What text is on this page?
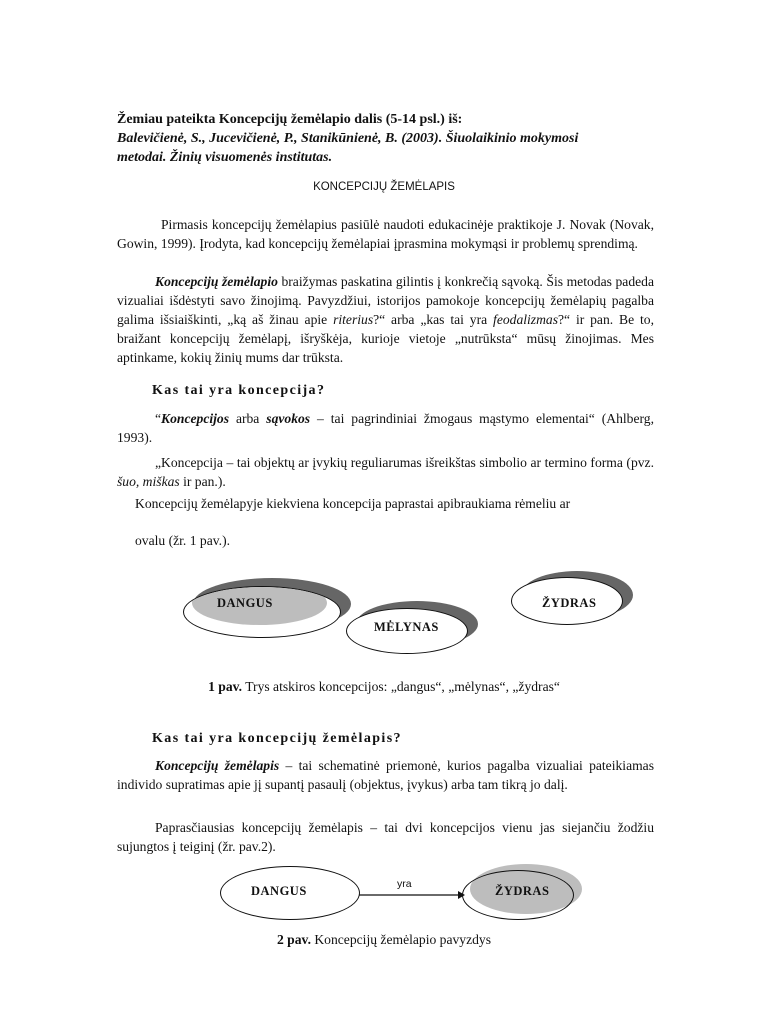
Žemiau pateikta Koncepcijų žemėlapio dalis (5-14 psl.) iš:
Balevičienė, S., Jucevičienė, P., Stanikūnienė, B. (2003). Šiuolaikinio mokymosi
metodai. Žinių visuomenės institutas.
KONCEPCIJŲ ŽEMĖLAPIS
Pirmasis koncepcijų žemėlapius pasiūlė naudoti edukacinėje praktikoje J. Novak (Novak, Gowin, 1999). Įrodyta, kad koncepcijų žemėlapiai įprasmina mokymąsi ir problemų sprendimą.
Koncepcijų žemėlapio braižymas paskatina gilintis į konkrečią sąvoką. Šis metodas padeda vizualiai išdėstyti savo žinojimą. Pavyzdžiui, istorijos pamokoje koncepcijų žemėlapių pagalba galima išsiaiškinti, „ką aš žinau apie riterius?“ arba „kas tai yra feodalizmas?“ ir pan. Be to, braižant koncepcijų žemėlapį, išryškėja, kurioje vietoje „nutrūksta“ mūsų žinojimas. Mes aptinkame, kokių žinių mums dar trūksta.
Kas tai yra koncepcija?
“Koncepcijos arba sąvokos – tai pagrindiniai žmogaus mąstymo elementai“ (Ahlberg, 1993).
„Koncepcija – tai objektų ar įvykių reguliarumas išreikštas simbolio ar termino forma (pvz. šuo, miškas ir pan.).
Koncepcijų žemėlapyje kiekviena koncepcija paprastai apibraukiama rėmeliu ar
ovalu (žr. 1 pav.).
DANGUS
MĖLYNAS
ŽYDRAS
1 pav. Trys atskiros koncepcijos: „dangus“, „mėlynas“, „žydras“
Kas tai yra koncepcijų žemėlapis?
Koncepcijų žemėlapis – tai schematinė priemonė, kurios pagalba vizualiai pateikiamas individo supratimas apie jį supantį pasaulį (objektus, įvykus) arba tam tikrą jo dalį.
Paprasčiausias koncepcijų žemėlapis – tai dvi koncepcijos vienu jas siejančiu žodžiu sujungtos į teiginį (žr. pav.2).
DANGUS	yra	ŽYDRAS
2 pav. Koncepcijų žemėlapio pavyzdys
